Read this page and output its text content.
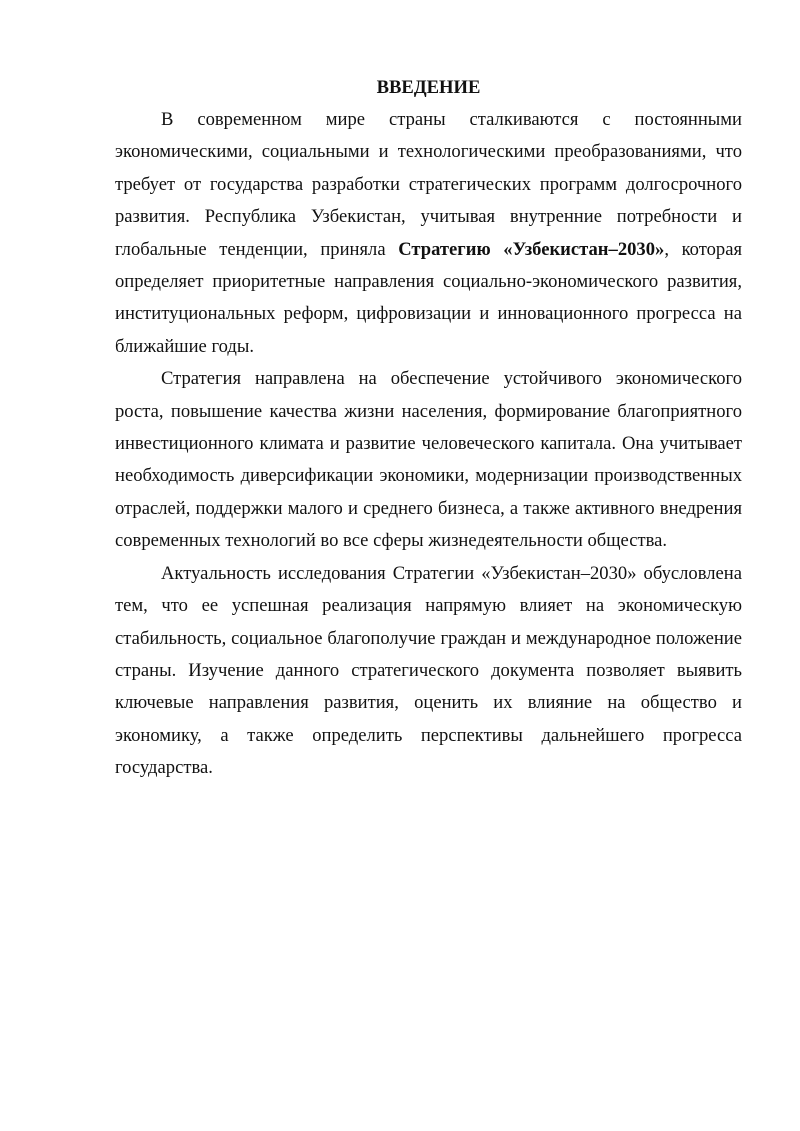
ВВЕДЕНИЕ

В современном мире страны сталкиваются с постоянными экономическими, социальными и технологическими преобразованиями, что требует от государства разработки стратегических программ долгосрочного развития. Республика Узбекистан, учитывая внутренние потребности и глобальные тенденции, приняла Стратегию «Узбекистан–2030», которая определяет приоритетные направления социально-экономического развития, институциональных реформ, цифровизации и инновационного прогресса на ближайшие годы.

Стратегия направлена на обеспечение устойчивого экономического роста, повышение качества жизни населения, формирование благоприятного инвестиционного климата и развитие человеческого капитала. Она учитывает необходимость диверсификации экономики, модернизации производственных отраслей, поддержки малого и среднего бизнеса, а также активного внедрения современных технологий во все сферы жизнедеятельности общества.

Актуальность исследования Стратегии «Узбекистан–2030» обусловлена тем, что ее успешная реализация напрямую влияет на экономическую стабильность, социальное благополучие граждан и международное положение страны. Изучение данного стратегического документа позволяет выявить ключевые направления развития, оценить их влияние на общество и экономику, а также определить перспективы дальнейшего прогресса государства.
